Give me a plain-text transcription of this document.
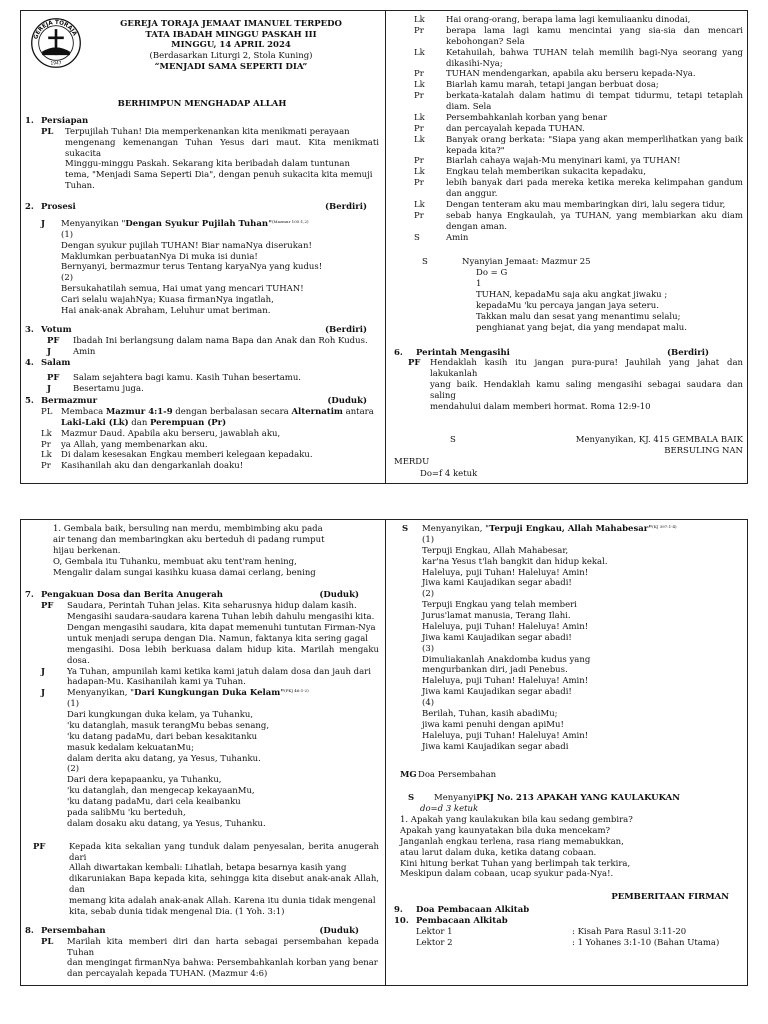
GEREJA TORAJA
1947
GEREJA TORAJA JEMAAT IMANUEL TERPEDO
TATA IBADAH MINGGU PASKAH III
MINGGU, 14 APRIL 2024
(Berdasarkan Liturgi 2, Stola Kuning)
“MENJADI SAMA SEPERTI DIA”
BERHIMPUN MENGHADAP ALLAH
1. Persiapan
PL	Terpujilah Tuhan! Dia memperkenankan kita menikmati perayaan
mengenang kemenangan Tuhan Yesus dari maut. Kita menikmati sukacita
Minggu-minggu Paskah. Sekarang kita beribadah dalam tuntunan
tema, "Menjadi Sama Seperti Dia", dengan penuh sukacita kita memuji
Tuhan.
2. Prosesi	(Berdiri)
J	Menyanyikan "Dengan Syukur Pujilah Tuhan"$^{(Mazmur 105:1,2)}$
(1)
Dengan syukur pujilah TUHAN! Biar namaNya diserukan!
Maklumkan perbuatanNya Di muka isi dunia!
Bernyanyi, bermazmur terus Tentang karyaNya yang kudus!
(2)
Bersukahatilah semua, Hai umat yang mencari TUHAN!
Cari selalu wajahNya; Kuasa firmanNya ingatlah,
Hai anak-anak Abraham, Leluhur umat beriman.
3. Votum	(Berdiri)
PF	Ibadah Ini berlangsung dalam nama Bapa dan Anak dan Roh Kudus.
J	Amin
4. Salam
PF	Salam sejahtera bagi kamu. Kasih Tuhan besertamu.
J	Besertamu juga.
5. Bermazmur	(Duduk)
PL	Membaca Mazmur 4:1-9 dengan berbalasan secara Alternatim antara
Laki-Laki (Lk) dan Perempuan (Pr)
Lk	Mazmur Daud. Apabila aku berseru, jawablah aku,
Pr	ya Allah, yang membenarkan aku.
Lk	Di dalam kesesakan Engkau memberi kelegaan kepadaku.
Pr	Kasihanilah aku dan dengarkanlah doaku!
Lk	Hai orang-orang, berapa lama lagi kemuliaanku dinodai,
Pr	berapa lama lagi kamu mencintai yang sia-sia dan mencari kebohongan? Sela
Lk	Ketahuilah, bahwa TUHAN telah memilih bagi-Nya seorang yang dikasihi-Nya;
Pr	TUHAN mendengarkan, apabila aku berseru kepada-Nya.
Lk	Biarlah kamu marah, tetapi jangan berbuat dosa;
Pr	berkata-katalah dalam hatimu di tempat tidurmu, tetapi tetaplah diam. Sela
Lk	Persembahkanlah korban yang benar
Pr	dan percayalah kepada TUHAN.
Lk	Banyak orang berkata: "Siapa yang akan memperlihatkan yang baik kepada kita?"
Pr	Biarlah cahaya wajah-Mu menyinari kami, ya TUHAN!
Lk	Engkau telah memberikan sukacita kepadaku,
Pr	lebih banyak dari pada mereka ketika mereka kelimpahan gandum dan anggur.
Lk	Dengan tenteram aku mau membaringkan diri, lalu segera tidur,
Pr	sebab hanya Engkaulah, ya TUHAN, yang membiarkan aku diam dengan aman.
S	Amin
S	Nyanyian Jemaat: Mazmur 25
Do = G
1
TUHAN, kepadaMu saja aku angkat jiwaku ;
kepadaMu 'ku percaya jangan jaya seteru.
Takkan malu dan sesat yang menantimu selalu;
penghianat yang bejat, dia yang mendapat malu.
6.	Perintah Mengasihi	(Berdiri)
PF	Hendaklah kasih itu jangan pura-pura! Jauhilah yang jahat dan lakukanlah
yang baik. Hendaklah kamu saling mengasihi sebagai saudara dan saling
mendahului dalam memberi hormat. Roma 12:9-10
S	Menyanyikan, KJ. 415 GEMBALA BAIK BERSULING NAN
MERDU
Do=f 4 ketuk
1. Gembala baik, bersuling nan merdu, membimbing aku pada
air tenang dan membaringkan aku berteduh di padang rumput
hijau berkenan.
O, Gembala itu Tuhanku, membuat aku tent'ram hening,
Mengalir dalam sungai kasihku kuasa damai cerlang, bening
7. Pengakuan Dosa dan Berita Anugerah	(Duduk)
PF	Saudara, Perintah Tuhan jelas. Kita seharusnya hidup dalam kasih.
Mengasihi saudara-saudara karena Tuhan lebih dahulu mengasihi kita.
Dengan mengasihi saudara, kita dapat memenuhi tuntutan Firman-Nya
untuk menjadi serupa dengan Dia. Namun, faktanya kita sering gagal
mengasihi. Dosa lebih berkuasa dalam hidup kita. Marilah mengaku dosa.
J	Ya Tuhan, ampunilah kami ketika kami jatuh dalam dosa dan jauh dari
hadapan-Mu. Kasihanilah kami ya Tuhan.
J	Menyanyikan, "Dari Kungkungan Duka Kelam"$^{(PKJ 46:1-2)}$
(1)
Dari kungkungan duka kelam, ya Tuhanku,
'ku datanglah, masuk terangMu bebas senang,
'ku datang padaMu, dari beban kesakitanku
masuk kedalam kekuatanMu;
dalam derita aku datang, ya Yesus, Tuhanku.
(2)
Dari dera kepapaanku, ya Tuhanku,
'ku datanglah, dan mengecap kekayaanMu,
'ku datang padaMu, dari cela keaibanku
pada salibMu 'ku berteduh,
dalam dosaku aku datang, ya Yesus, Tuhanku.
PF	Kepada kita sekalian yang tunduk dalam penyesalan, berita anugerah dari
Allah diwartakan kembali: Lihatlah, betapa besarnya kasih yang
dikaruniakan Bapa kepada kita, sehingga kita disebut anak-anak Allah, dan
memang kita adalah anak-anak Allah. Karena itu dunia tidak mengenal
kita, sebab dunia tidak mengenal Dia. (1 Yoh. 3:1)
8. Persembahan	(Duduk)
PL	Marilah kita memberi diri dan harta sebagai persembahan kepada Tuhan
dan mengingat firmanNya bahwa: Persembahkanlah korban yang benar
dan percayalah kepada TUHAN. (Mazmur 4:6)
S	Menyanyikan, "Terpuji Engkau, Allah Mahabesar"$^{(KJ 397:1-4)}$
(1)
Terpuji Engkau, Allah Mahabesar,
kar'na Yesus t'lah bangkit dan hidup kekal.
Haleluya, puji Tuhan! Haleluya! Amin!
Jiwa kami Kaujadikan segar abadi!
(2)
Terpuji Engkau yang telah memberi
Jurus'lamat manusia, Terang Ilahi.
Haleluya, puji Tuhan! Haleluya! Amin!
Jiwa kami Kaujadikan segar abadi!
(3)
Dimuliakanlah Anakdomba kudus yang
mengurbankan diri, jadi Penebus.
Haleluya, puji Tuhan! Haleluya! Amin!
Jiwa kami Kaujadikan segar abadi!
(4)
Berilah, Tuhan, kasih abadiMu;
jiwa kami penuhi dengan apiMu!
Haleluya, puji Tuhan! Haleluya! Amin!
Jiwa kami Kaujadikan segar abadi
MG Doa Persembahan
S	Menyanyi PKJ No. 213 APAKAH YANG KAULAKUKAN
do=d 3 ketuk
1. Apakah yang kaulakukan bila kau sedang gembira?
Apakah yang kaunyatakan bila duka mencekam?
Janganlah engkau terlena, rasa riang memabukkan,
atau larut dalam duka, ketika datang cobaan.
Kini hitung berkat Tuhan yang berlimpah tak terkira,
Meskipun dalam cobaan, ucap syukur pada-Nya!.
PEMBERITAAN FIRMAN
9.	Doa Pembacaan Alkitab
10. Pembacaan Alkitab
Lektor 1	: Kisah Para Rasul 3:11-20
Lektor 2	: 1 Yohanes 3:1-10 (Bahan Utama)
